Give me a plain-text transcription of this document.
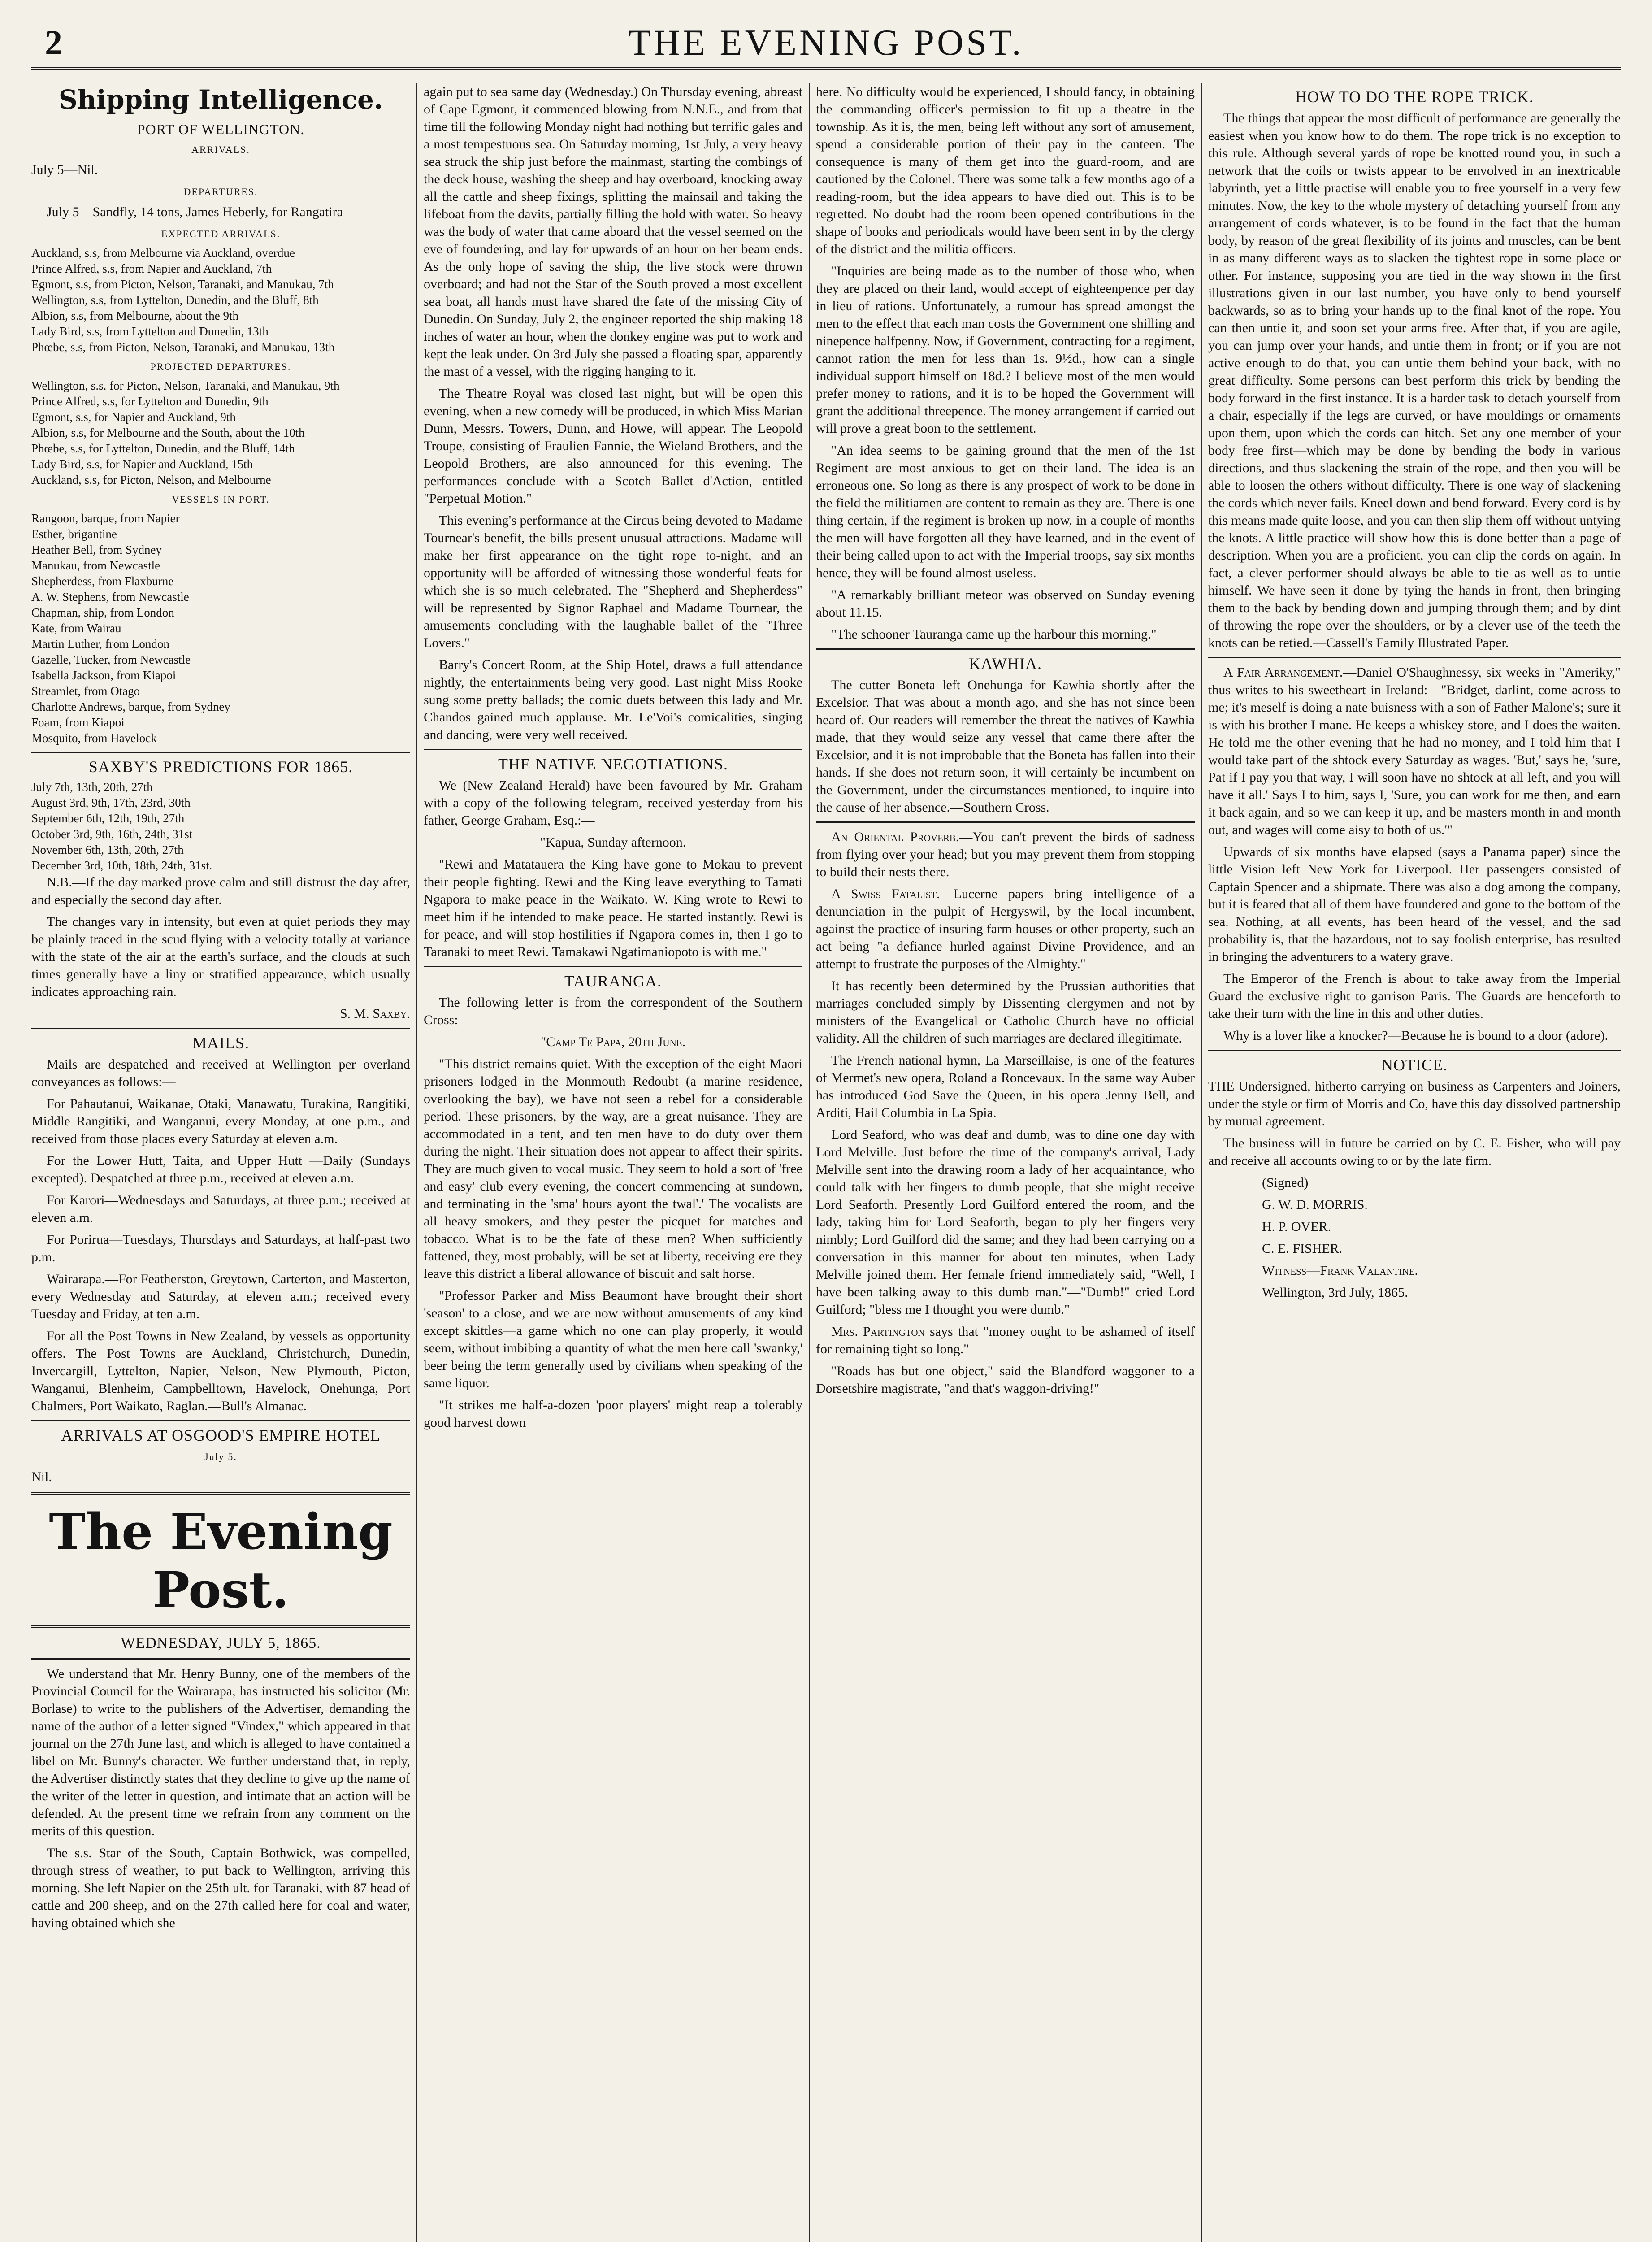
2	THE EVENING POST.
Shipping Intelligence.
PORT OF WELLINGTON.
ARRIVALS.

July 5—Nil.

DEPARTURES.

July 5—Sandfly, 14 tons, James Heberly, for Rangatira

EXPECTED ARRIVALS.
Auckland, s.s, from Melbourne via Auckland, overdue
Prince Alfred, s.s, from Napier and Auckland, 7th
Egmont, s.s, from Picton, Nelson, Taranaki, and Manukau, 7th
Wellington, s.s, from Lyttelton, Dunedin, and the Bluff, 8th
Albion, s.s, from Melbourne, about the 9th
Lady Bird, s.s, from Lyttelton and Dunedin, 13th
Phœbe, s.s, from Picton, Nelson, Taranaki, and Manukau, 13th
PROJECTED DEPARTURES.
Wellington, s.s. for Picton, Nelson, Taranaki, and Manukau, 9th
Prince Alfred, s.s, for Lyttelton and Dunedin, 9th
Egmont, s.s, for Napier and Auckland, 9th
Albion, s.s, for Melbourne and the South, about the 10th
Phœbe, s.s, for Lyttelton, Dunedin, and the Bluff, 14th
Lady Bird, s.s, for Napier and Auckland, 15th
Auckland, s.s, for Picton, Nelson, and Melbourne
VESSELS IN PORT.
Rangoon, barque, from Napier
Esther, brigantine
Heather Bell, from Sydney
Manukau, from Newcastle
Shepherdess, from Flaxburne
A. W. Stephens, from Newcastle
Chapman, ship, from London
Kate, from Wairau
Martin Luther, from London
Gazelle, Tucker, from Newcastle
Isabella Jackson, from Kiapoi
Streamlet, from Otago
Charlotte Andrews, barque, from Sydney
Foam, from Kiapoi
Mosquito, from Havelock
SAXBY'S PREDICTIONS FOR 1865.
July 7th, 13th, 20th, 27th
August 3rd, 9th, 17th, 23rd, 30th
September 6th, 12th, 19th, 27th
October 3rd, 9th, 16th, 24th, 31st
November 6th, 13th, 20th, 27th
December 3rd, 10th, 18th, 24th, 31st.

N.B.—If the day marked prove calm and still distrust the day after, and especially the second day after.

The changes vary in intensity, but even at quiet periods they may be plainly traced in the scud flying with a velocity totally at variance with the state of the air at the earth's surface, and the clouds at such times generally have a liny or stratified appearance, which usually indicates approaching rain.

S. M. Saxby.

MAILS.

Mails are despatched and received at Wellington per overland conveyances as follows:—

For Pahautanui, Waikanae, Otaki, Manawatu, Turakina, Rangitiki, Middle Rangitiki, and Wanganui, every Monday, at one p.m., and received from those places every Saturday at eleven a.m.

For the Lower Hutt, Taita, and Upper Hutt —Daily (Sundays excepted). Despatched at three p.m., received at eleven a.m.

For Karori—Wednesdays and Saturdays, at three p.m.; received at eleven a.m.

For Porirua—Tuesdays, Thursdays and Saturdays, at half-past two p.m.

Wairarapa.—For Featherston, Greytown, Carterton, and Masterton, every Wednesday and Saturday, at eleven a.m.; received every Tuesday and Friday, at ten a.m.

For all the Post Towns in New Zealand, by vessels as opportunity offers. The Post Towns are Auckland, Christchurch, Dunedin, Invercargill, Lyttelton, Napier, Nelson, New Plymouth, Picton, Wanganui, Blenheim, Campbelltown, Havelock, Onehunga, Port Chalmers, Port Waikato, Raglan.—Bull's Almanac.

ARRIVALS AT OSGOOD'S EMPIRE HOTEL
July 5.

Nil.

The Evening Post.
WEDNESDAY, JULY 5, 1865.

We understand that Mr. Henry Bunny, one of the members of the Provincial Council for the Wairarapa, has instructed his solicitor (Mr. Borlase) to write to the publishers of the Advertiser, demanding the name of the author of a letter signed "Vindex," which appeared in that journal on the 27th June last, and which is alleged to have contained a libel on Mr. Bunny's character. We further understand that, in reply, the Advertiser distinctly states that they decline to give up the name of the writer of the letter in question, and intimate that an action will be defended. At the present time we refrain from any comment on the merits of this question.

The s.s. Star of the South, Captain Bothwick, was compelled, through stress of weather, to put back to Wellington, arriving this morning. She left Napier on the 25th ult. for Taranaki, with 87 head of cattle and 200 sheep, and on the 27th called here for coal and water, having obtained which she

again put to sea same day (Wednesday.) On Thursday evening, abreast of Cape Egmont, it commenced blowing from N.N.E., and from that time till the following Monday night had nothing but terrific gales and a most tempestuous sea. On Saturday morning, 1st July, a very heavy sea struck the ship just before the mainmast, starting the combings of the deck house, washing the sheep and hay overboard, knocking away all the cattle and sheep fixings, splitting the mainsail and taking the lifeboat from the davits, partially filling the hold with water. So heavy was the body of water that came aboard that the vessel seemed on the eve of foundering, and lay for upwards of an hour on her beam ends. As the only hope of saving the ship, the live stock were thrown overboard; and had not the Star of the South proved a most excellent sea boat, all hands must have shared the fate of the missing City of Dunedin. On Sunday, July 2, the engineer reported the ship making 18 inches of water an hour, when the donkey engine was put to work and kept the leak under. On 3rd July she passed a floating spar, apparently the mast of a vessel, with the rigging hanging to it.

The Theatre Royal was closed last night, but will be open this evening, when a new comedy will be produced, in which Miss Marian Dunn, Messrs. Towers, Dunn, and Howe, will appear. The Leopold Troupe, consisting of Fraulien Fannie, the Wieland Brothers, and the Leopold Brothers, are also announced for this evening. The performances conclude with a Scotch Ballet d'Action, entitled "Perpetual Motion."

This evening's performance at the Circus being devoted to Madame Tournear's benefit, the bills present unusual attractions. Madame will make her first appearance on the tight rope to-night, and an opportunity will be afforded of witnessing those wonderful feats for which she is so much celebrated. The "Shepherd and Shepherdess" will be represented by Signor Raphael and Madame Tournear, the amusements concluding with the laughable ballet of the "Three Lovers."

Barry's Concert Room, at the Ship Hotel, draws a full attendance nightly, the entertainments being very good. Last night Miss Rooke sung some pretty ballads; the comic duets between this lady and Mr. Chandos gained much applause. Mr. Le'Voi's comicalities, singing and dancing, were very well received.

THE NATIVE NEGOTIATIONS.

We (New Zealand Herald) have been favoured by Mr. Graham with a copy of the following telegram, received yesterday from his father, George Graham, Esq.:—

"Kapua, Sunday afternoon.

"Rewi and Matatauera the King have gone to Mokau to prevent their people fighting. Rewi and the King leave everything to Tamati Ngapora to make peace in the Waikato. W. King wrote to Rewi to meet him if he intended to make peace. He started instantly. Rewi is for peace, and will stop hostilities if Ngapora comes in, then I go to Taranaki to meet Rewi. Tamakawi Ngatimaniopoto is with me."

TAURANGA.

The following letter is from the correspondent of the Southern Cross:—

"Camp Te Papa, 20th June.

"This district remains quiet. With the exception of the eight Maori prisoners lodged in the Monmouth Redoubt (a marine residence, overlooking the bay), we have not seen a rebel for a considerable period. These prisoners, by the way, are a great nuisance. They are accommodated in a tent, and ten men have to do duty over them during the night. Their situation does not appear to affect their spirits. They are much given to vocal music. They seem to hold a sort of 'free and easy' club every evening, the concert commencing at sundown, and terminating in the 'sma' hours ayont the twal'.' The vocalists are all heavy smokers, and they pester the picquet for matches and tobacco. What is to be the fate of these men? When sufficiently fattened, they, most probably, will be set at liberty, receiving ere they leave this district a liberal allowance of biscuit and salt horse.

"Professor Parker and Miss Beaumont have brought their short 'season' to a close, and we are now without amusements of any kind except skittles—a game which no one can play properly, it would seem, without imbibing a quantity of what the men here call 'swanky,' beer being the term generally used by civilians when speaking of the same liquor.

"It strikes me half-a-dozen 'poor players' might reap a tolerably good harvest down

here. No difficulty would be experienced, I should fancy, in obtaining the commanding officer's permission to fit up a theatre in the township. As it is, the men, being left without any sort of amusement, spend a considerable portion of their pay in the canteen. The consequence is many of them get into the guard-room, and are cautioned by the Colonel. There was some talk a few months ago of a reading-room, but the idea appears to have died out. This is to be regretted. No doubt had the room been opened contributions in the shape of books and periodicals would have been sent in by the clergy of the district and the militia officers.

"Inquiries are being made as to the number of those who, when they are placed on their land, would accept of eighteenpence per day in lieu of rations. Unfortunately, a rumour has spread amongst the men to the effect that each man costs the Government one shilling and ninepence halfpenny. Now, if Government, contracting for a regiment, cannot ration the men for less than 1s. 9½d., how can a single individual support himself on 18d.? I believe most of the men would prefer money to rations, and it is to be hoped the Government will grant the additional threepence. The money arrangement if carried out will prove a great boon to the settlement.

"An idea seems to be gaining ground that the men of the 1st Regiment are most anxious to get on their land. The idea is an erroneous one. So long as there is any prospect of work to be done in the field the militiamen are content to remain as they are. There is one thing certain, if the regiment is broken up now, in a couple of months the men will have forgotten all they have learned, and in the event of their being called upon to act with the Imperial troops, say six months hence, they will be found almost useless.

"A remarkably brilliant meteor was observed on Sunday evening about 11.15.

"The schooner Tauranga came up the harbour this morning."

KAWHIA.

The cutter Boneta left Onehunga for Kawhia shortly after the Excelsior. That was about a month ago, and she has not since been heard of. Our readers will remember the threat the natives of Kawhia made, that they would seize any vessel that came there after the Excelsior, and it is not improbable that the Boneta has fallen into their hands. If she does not return soon, it will certainly be incumbent on the Government, under the circumstances mentioned, to inquire into the cause of her absence.—Southern Cross.

An Oriental Proverb.—You can't prevent the birds of sadness from flying over your head; but you may prevent them from stopping to build their nests there.

A Swiss Fatalist.—Lucerne papers bring intelligence of a denunciation in the pulpit of Hergyswil, by the local incumbent, against the practice of insuring farm houses or other property, such an act being "a defiance hurled against Divine Providence, and an attempt to frustrate the purposes of the Almighty."

It has recently been determined by the Prussian authorities that marriages concluded simply by Dissenting clergymen and not by ministers of the Evangelical or Catholic Church have no official validity. All the children of such marriages are declared illegitimate.

The French national hymn, La Marseillaise, is one of the features of Mermet's new opera, Roland a Roncevaux. In the same way Auber has introduced God Save the Queen, in his opera Jenny Bell, and Arditi, Hail Columbia in La Spia.

Lord Seaford, who was deaf and dumb, was to dine one day with Lord Melville. Just before the time of the company's arrival, Lady Melville sent into the drawing room a lady of her acquaintance, who could talk with her fingers to dumb people, that she might receive Lord Seaforth. Presently Lord Guilford entered the room, and the lady, taking him for Lord Seaforth, began to ply her fingers very nimbly; Lord Guilford did the same; and they had been carrying on a conversation in this manner for about ten minutes, when Lady Melville joined them. Her female friend immediately said, "Well, I have been talking away to this dumb man."—"Dumb!" cried Lord Guilford; "bless me I thought you were dumb."

Mrs. Partington says that "money ought to be ashamed of itself for remaining tight so long."

"Roads has but one object," said the Blandford waggoner to a Dorsetshire magistrate, "and that's waggon-driving!"

HOW TO DO THE ROPE TRICK.

The things that appear the most difficult of performance are generally the easiest when you know how to do them. The rope trick is no exception to this rule. Although several yards of rope be knotted round you, in such a network that the coils or twists appear to be envolved in an inextricable labyrinth, yet a little practise will enable you to free yourself in a very few minutes. Now, the key to the whole mystery of detaching yourself from any arrangement of cords whatever, is to be found in the fact that the human body, by reason of the great flexibility of its joints and muscles, can be bent in as many different ways as to slacken the tightest rope in some place or other. For instance, supposing you are tied in the way shown in the first illustrations given in our last number, you have only to bend yourself backwards, so as to bring your hands up to the final knot of the rope. You can then untie it, and soon set your arms free. After that, if you are agile, you can jump over your hands, and untie them in front; or if you are not active enough to do that, you can untie them behind your back, with no great difficulty. Some persons can best perform this trick by bending the body forward in the first instance. It is a harder task to detach yourself from a chair, especially if the legs are curved, or have mouldings or ornaments upon them, upon which the cords can hitch. Set any one member of your body free first—which may be done by bending the body in various directions, and thus slackening the strain of the rope, and then you will be able to loosen the others without difficulty. There is one way of slackening the cords which never fails. Kneel down and bend forward. Every cord is by this means made quite loose, and you can then slip them off without untying the knots. A little practice will show how this is done better than a page of description. When you are a proficient, you can clip the cords on again. In fact, a clever performer should always be able to tie as well as to untie himself. We have seen it done by tying the hands in front, then bringing them to the back by bending down and jumping through them; and by dint of throwing the rope over the shoulders, or by a clever use of the teeth the knots can be retied.—Cassell's Family Illustrated Paper.

A Fair Arrangement.—Daniel O'Shaughnessy, six weeks in "Ameriky," thus writes to his sweetheart in Ireland:—"Bridget, darlint, come across to me; it's meself is doing a nate buisness with a son of Father Malone's; sure it is with his brother I mane. He keeps a whiskey store, and I does the waiten. He told me the other evening that he had no money, and I told him that I would take part of the shtock every Saturday as wages. 'But,' says he, 'sure, Pat if I pay you that way, I will soon have no shtock at all left, and you will have it all.' Says I to him, says I, 'Sure, you can work for me then, and earn it back again, and so we can keep it up, and be masters month in and month out, and wages will come aisy to both of us.'"

Upwards of six months have elapsed (says a Panama paper) since the little Vision left New York for Liverpool. Her passengers consisted of Captain Spencer and a shipmate. There was also a dog among the company, but it is feared that all of them have foundered and gone to the bottom of the sea. Nothing, at all events, has been heard of the vessel, and the sad probability is, that the hazardous, not to say foolish enterprise, has resulted in bringing the adventurers to a watery grave.

The Emperor of the French is about to take away from the Imperial Guard the exclusive right to garrison Paris. The Guards are henceforth to take their turn with the line in this and other duties.

Why is a lover like a knocker?—Because he is bound to a door (adore).

NOTICE.

THE Undersigned, hitherto carrying on business as Carpenters and Joiners, under the style or firm of Morris and Co, have this day dissolved partnership by mutual agreement.

The business will in future be carried on by C. E. Fisher, who will pay and receive all accounts owing to or by the late firm.

(Signed)

G. W. D. MORRIS.

H. P. OVER.

C. E. FISHER.

Witness—Frank Valantine.

Wellington, 3rd July, 1865.
